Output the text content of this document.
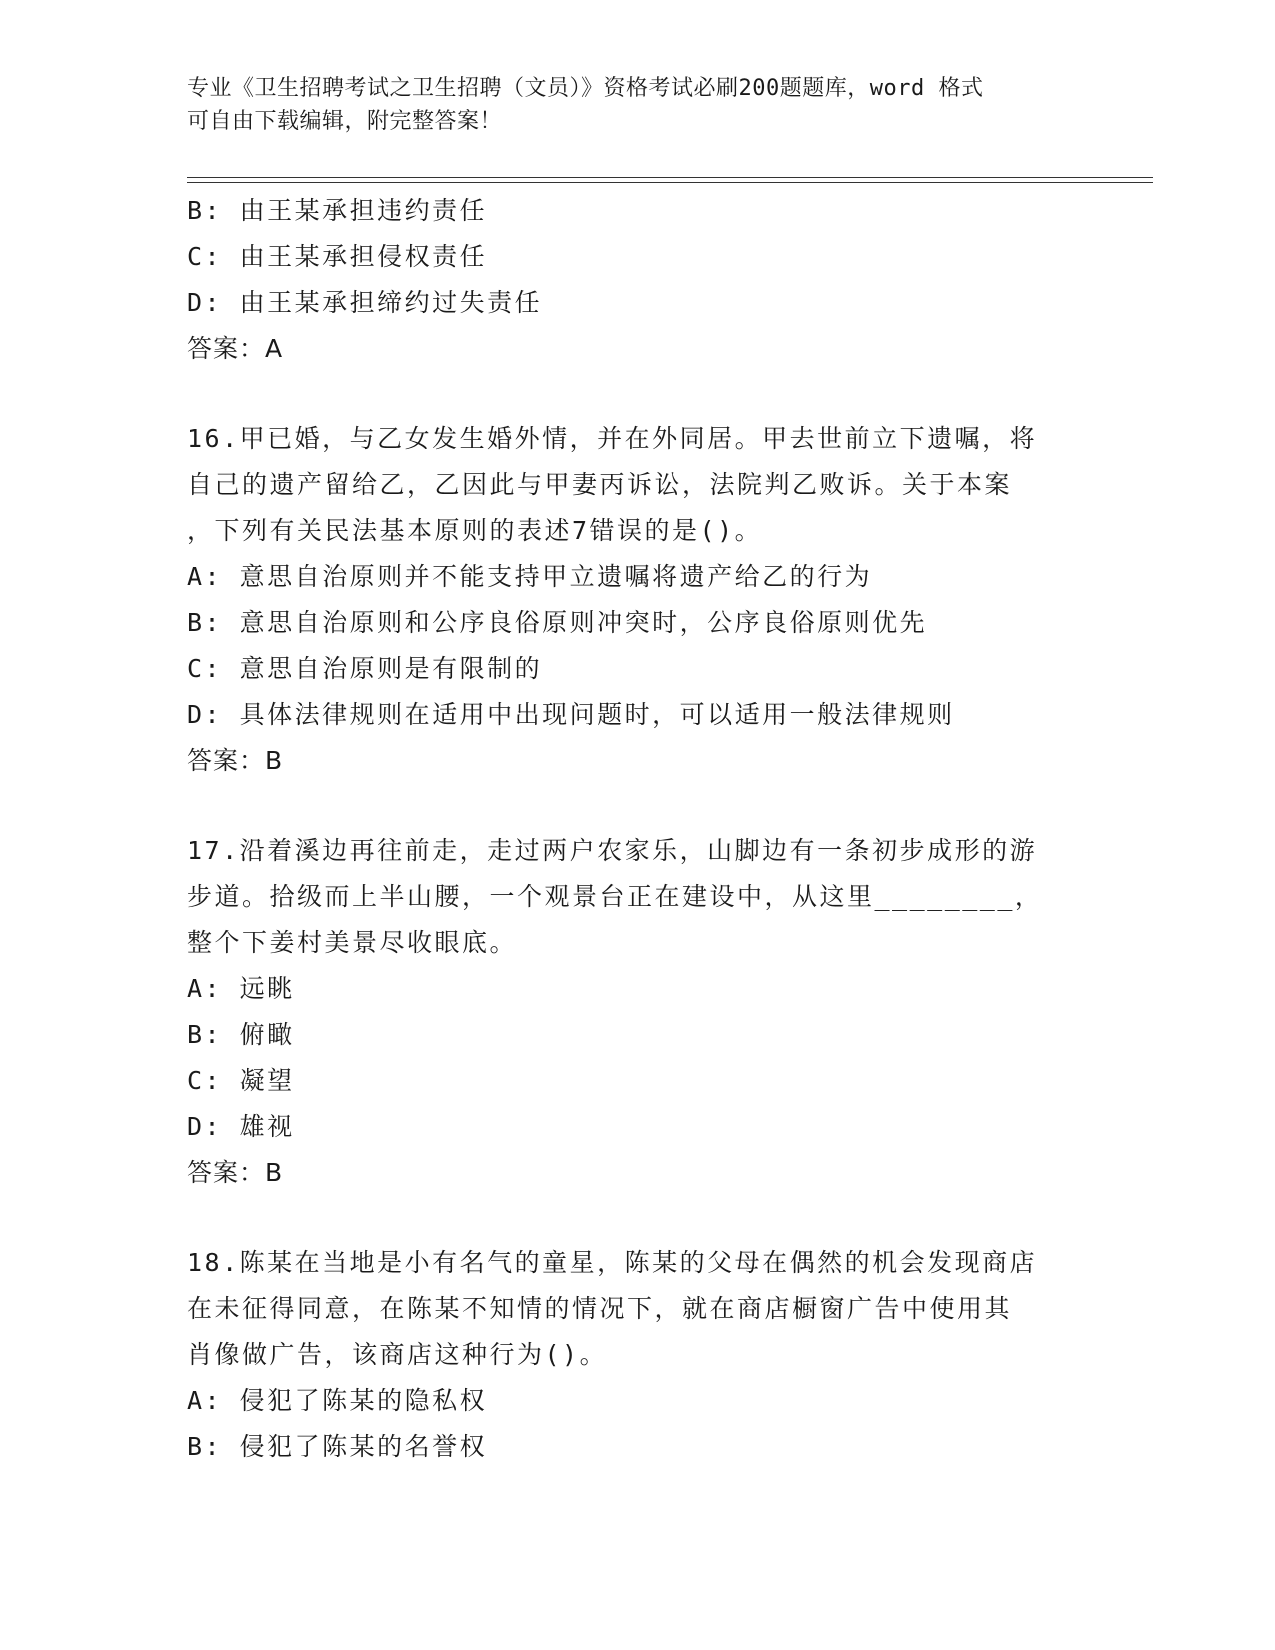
专业《卫生招聘考试之卫生招聘（文员）》资格考试必刷200题题库，word 格式
可自由下载编辑，附完整答案！
B: 由王某承担违约责任
C: 由王某承担侵权责任
D: 由王某承担缔约过失责任
答案：A
16.甲已婚，与乙女发生婚外情，并在外同居。甲去世前立下遗嘱，将
自己的遗产留给乙，乙因此与甲妻丙诉讼，法院判乙败诉。关于本案
，下列有关民法基本原则的表述7错误的是()。
A: 意思自治原则并不能支持甲立遗嘱将遗产给乙的行为
B: 意思自治原则和公序良俗原则冲突时，公序良俗原则优先
C: 意思自治原则是有限制的
D: 具体法律规则在适用中出现问题时，可以适用一般法律规则
答案：B
17.沿着溪边再往前走，走过两户农家乐，山脚边有一条初步成形的游
步道。拾级而上半山腰，一个观景台正在建设中，从这里________，
整个下姜村美景尽收眼底。
A: 远眺
B: 俯瞰
C: 凝望
D: 雄视
答案：B
18.陈某在当地是小有名气的童星，陈某的父母在偶然的机会发现商店
在未征得同意，在陈某不知情的情况下，就在商店橱窗广告中使用其
肖像做广告，该商店这种行为()。
A: 侵犯了陈某的隐私权
B: 侵犯了陈某的名誉权
